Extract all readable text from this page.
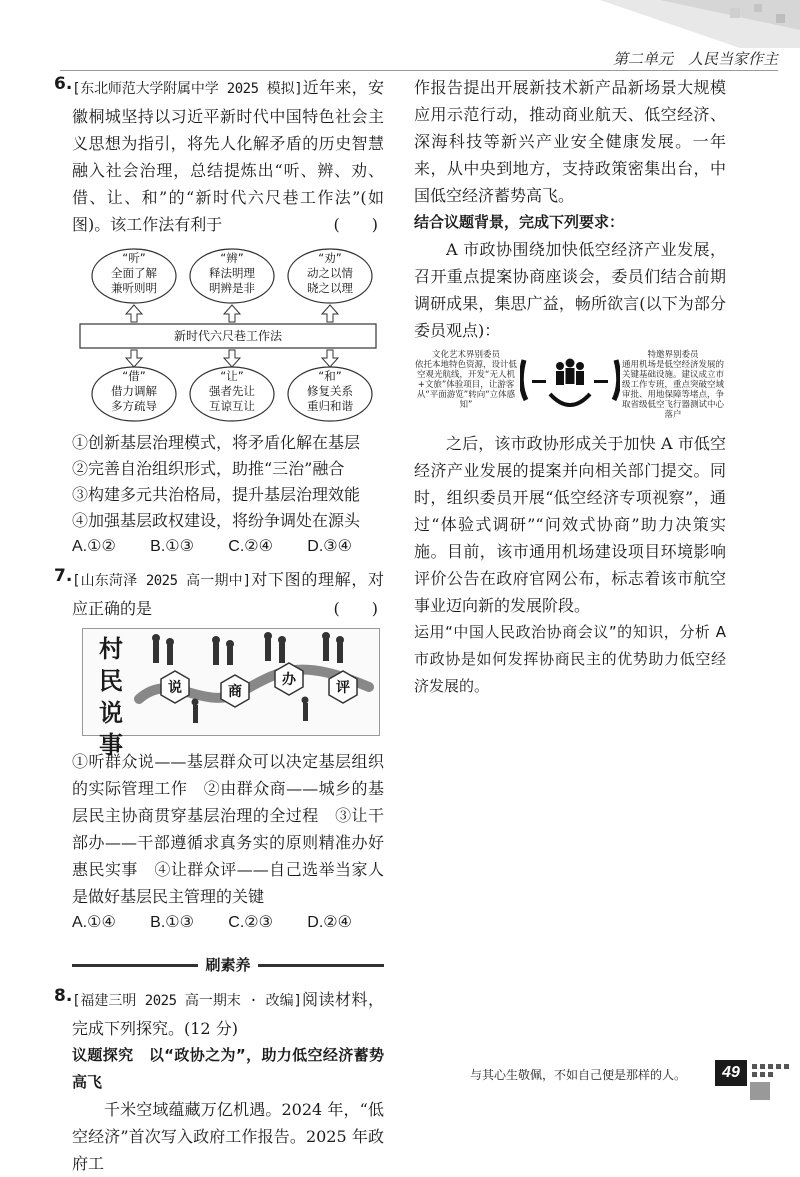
第二单元　人民当家作主
6. [东北师范大学附属中学 2025 模拟]近年来，安徽桐城坚持以习近平新时代中国特色社会主义思想为指引，将先人化解矛盾的历史智慧融入社会治理，总结提炼出“听、辨、劝、借、让、和”的“新时代六尺巷工作法”(如图)。该工作法有利于	(　　)

“听”
全面了解
兼听则明
“辨”
释法明理
明辨是非
“劝”
动之以情
晓之以理
新时代六尺巷工作法
“借”
借力调解
多方疏导
“让”
强者先让
互谅互让
“和”
修复关系
重归和谐

①创新基层治理模式，将矛盾化解在基层

②完善自治组织形式，助推“三治”融合

③构建多元共治格局，提升基层治理效能

④加强基层政权建设，将纷争调处在源头

A.①② B.①③ C.②④ D.③④
7. [山东菏泽 2025 高一期中]对下图的理解，对应正确的是	(　　)

村
民
说
事
说	商
办	评

①听群众说——基层群众可以决定基层组织的实际管理工作　②由群众商——城乡的基层民主协商贯穿基层治理的全过程　③让干部办——干部遵循求真务实的原则精准办好惠民实事　④让群众评——自己选举当家人是做好基层民主管理的关键

A.①④ B.①③ C.②③ D.②④
刷素养
8. [福建三明 2025 高一期末 · 改编]阅读材料，完成下列探究。(12 分)

议题探究　以“政协之为”，助力低空经济蓄势高飞

千米空域蕴藏万亿机遇。2024 年，“低空经济”首次写入政府工作报告。2025 年政府工

作报告提出开展新技术新产品新场景大规模应用示范行动，推动商业航天、低空经济、深海科技等新兴产业安全健康发展。一年来，从中央到地方，支持政策密集出台，中国低空经济蓄势高飞。

结合议题背景，完成下列要求：

A 市政协围绕加快低空经济产业发展，召开重点提案协商座谈会，委员们结合前期调研成果，集思广益，畅所欲言(以下为部分委员观点)：

文化艺术界别委员
依托本地特色资源，设计低空观光航线，开发“无人机+文旅”体验项目，让游客从“平面游览”转向“立体感知”
特邀界别委员
通用机场是低空经济发展的关键基础设施。建议成立市级工作专班，重点突破空域审批、用地保障等堵点，争取省级低空飞行器测试中心落户

之后，该市政协形成关于加快 A 市低空经济产业发展的提案并向相关部门提交。同时，组织委员开展“低空经济专项视察”，通过“体验式调研”“问效式协商”助力决策实施。目前，该市通用机场建设项目环境影响评价公告在政府官网公布，标志着该市航空事业迈向新的发展阶段。

运用“中国人民政治协商会议”的知识，分析 A 市政协是如何发挥协商民主的优势助力低空经济发展的。

与其心生敬佩，不如自己便是那样的人。	49
